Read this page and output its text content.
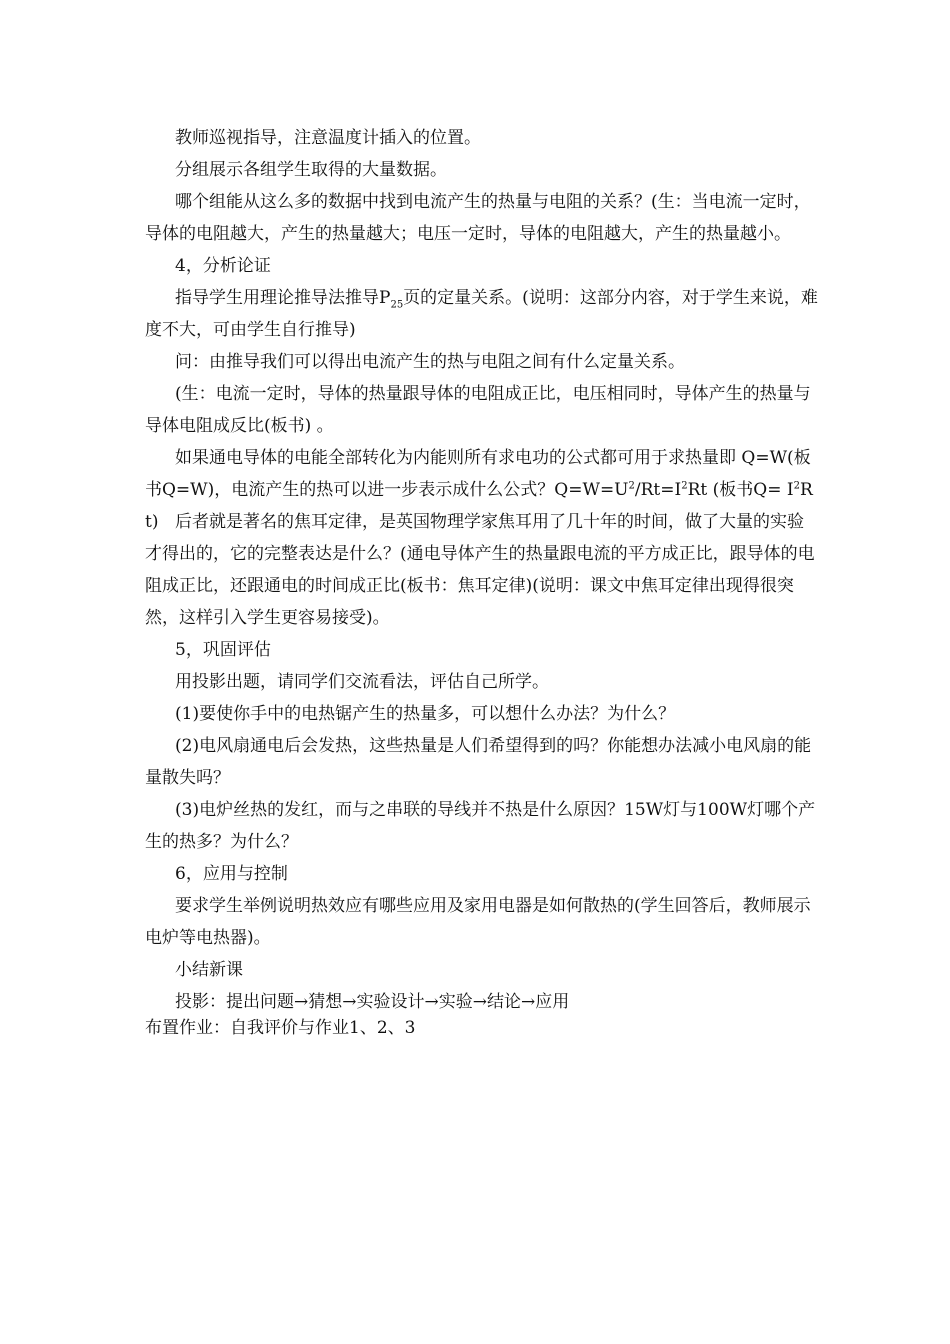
教师巡视指导，注意温度计插入的位置。

分组展示各组学生取得的大量数据。

哪个组能从这么多的数据中找到电流产生的热量与电阻的关系？(生：当电流一定时，导体的电阻越大，产生的热量越大；电压一定时，导体的电阻越大，产生的热量越小。

4，分析论证

指导学生用理论推导法推导$P_{25}$页的定量关系。(说明：这部分内容，对于学生来说，难度不大，可由学生自行推导)

问：由推导我们可以得出电流产生的热与电阻之间有什么定量关系。

(生：电流一定时，导体的热量跟导体的电阻成正比，电压相同时，导体产生的热量与导体电阻成反比(板书) 。

如果通电导体的电能全部转化为内能则所有求电功的公式都可用于求热量即 Q=W(板书Q=W)，电流产生的热可以进一步表示成什么公式？$Q=W=U^2/Rt=I^2Rt$ (板书$Q= I^2Rt$) 后者就是著名的焦耳定律，是英国物理学家焦耳用了几十年的时间，做了大量的实验才得出的，它的完整表达是什么？(通电导体产生的热量跟电流的平方成正比，跟导体的电阻成正比，还跟通电的时间成正比(板书：焦耳定律)(说明：课文中焦耳定律出现得很突然，这样引入学生更容易接受)。

5，巩固评估

用投影出题，请同学们交流看法，评估自己所学。

(1)要使你手中的电热锯产生的热量多，可以想什么办法？为什么？

(2)电风扇通电后会发热，这些热量是人们希望得到的吗？你能想办法减小电风扇的能量散失吗？

(3)电炉丝热的发红，而与之串联的导线并不热是什么原因？15W灯与100W灯哪个产生的热多？为什么？

6，应用与控制

要求学生举例说明热效应有哪些应用及家用电器是如何散热的(学生回答后，教师展示电炉等电热器)。

小结新课

投影：提出问题→猜想→实验设计→实验→结论→应用

布置作业：自我评价与作业1、2、3
